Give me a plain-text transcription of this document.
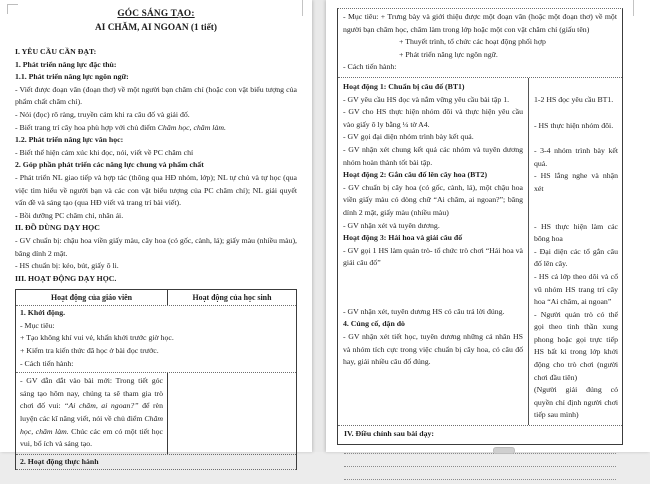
GÓC SÁNG TẠO:
AI CHĂM, AI NGOAN (1 tiết)

I. YÊU CẦU CẦN ĐẠT:

1. Phát triển năng lực đặc thù:

1.1. Phát triển năng lực ngôn ngữ:

- Viết được đoạn văn (đoạn thơ) về một người bạn chăm chỉ (hoặc con vật biểu tượng của phẩm chất chăm chỉ).

- Nói (đọc) rõ ràng, truyền cảm khi ra câu đố và giải đố.

- Biết trang trí cây hoa phù hợp với chủ điểm Chăm học, chăm làm.

1.2. Phát triển năng lực văn học:

- Biết thể hiện cảm xúc khi đọc, nói, viết về PC chăm chỉ

2. Góp phần phát triển các năng lực chung và phẩm chất

- Phát triển NL giao tiếp và hợp tác (thông qua HĐ nhóm, lớp); NL tự chủ và tự học (qua việc tìm hiểu về người bạn và các con vật biểu tượng của PC chăm chỉ); NL giải quyết vấn đề và sáng tạo (qua HĐ viết và trang trí bài viết).

- Bồi dưỡng PC chăm chỉ, nhân ái.

II. ĐỒ DÙNG DẠY HỌC

- GV chuẩn bị: chậu hoa viền giấy màu, cây hoa (có gốc, cành, lá); giấy màu (nhiều màu), băng dính 2 mặt.

- HS chuẩn bị: kéo, bút, giấy ô li.

III. HOẠT ĐỘNG DẠY HỌC.

Hoạt động của giáo viên	Hoạt động của học sinh

1. Khởi động.

- Mục tiêu:

+ Tạo không khí vui vẻ, khấn khởi trước giờ học.

+ Kiểm tra kiến thức đã học ở bài đọc trước.

- Cách tiến hành:

- GV dẫn dắt vào bài mới: Trong tiết góc sáng tạo hôm nay, chúng ta sẽ tham gia trò chơi đố vui: “Ai chăm, ai ngoan?” để rèn luyện các kĩ năng viết, nói về chủ điểm Chăm học, chăm làm. Chúc các em có một tiết học vui, bổ ích và sáng tạo.

2. Hoạt động thực hành

- Mục tiêu: + Trưng bày và giới thiệu được một đoạn văn (hoặc một đoạn thơ) về một người bạn chăm học, chăm làm trong lớp hoặc một con vật chăm chỉ (giấu tên)

+ Thuyết trình, tổ chức các hoạt động phối hợp

+ Phát triển năng lực ngôn ngữ.

- Cách tiến hành:

Hoạt động 1: Chuẩn bị câu đố (BT1)

- GV yêu cầu HS đọc và nắm vững yêu cầu bài tập 1.

- GV cho HS thực hiện nhóm đôi và thực hiện yêu cầu vào giấy ô ly bằng ¼ tờ A4.

- GV gọi đại diện nhóm trình bày kết quả.

- GV nhận xét chung kết quả các nhóm và tuyên dương nhóm hoàn thành tốt bài tập.

Hoạt động 2: Gắn câu đố lên cây hoa (BT2)

- GV chuẩn bị cây hoa (có gốc, cành, lá), một chậu hoa viền giấy màu có dòng chữ “Ai chăm, ai ngoan?”; băng dính 2 mặt, giấy màu (nhiều màu)

- GV nhận xét và tuyên dương.

Hoạt động 3: Hái hoa và giải câu đố

- GV gọi 1 HS làm quản trò- tổ chức trò chơi “Hái hoa và giải câu đố”

- GV nhận xét, tuyên dương HS có câu trả lời đúng.

4. Củng cố, dặn dò

- GV nhận xét tiết học, tuyên dương những cá nhân HS và nhóm tích cực trong việc chuẩn bị cây hoa, có câu đố hay, giải nhiều câu đố đúng.

1-2 HS đọc yêu cầu BT1.

- HS thực hiện nhóm đôi.

- 3-4 nhóm trình bày kết quả.

- HS lắng nghe và nhận xét

- HS thực hiện làm các bông hoa

- Đại diện các tổ gắn câu đố lên cây.

- HS cả lớp theo dõi và cổ vũ nhóm HS trang trí cây hoa “Ai chăm, ai ngoan”

- Người quản trò có thể gọi theo tinh thần xung phong hoặc gọi trực tiếp HS bất kì trong lớp khởi động cho trò chơi (người chơi đầu tiên)

(Người giải đúng có quyền chỉ định người chơi tiếp sau mình)

IV. Điều chỉnh sau bài dạy:
